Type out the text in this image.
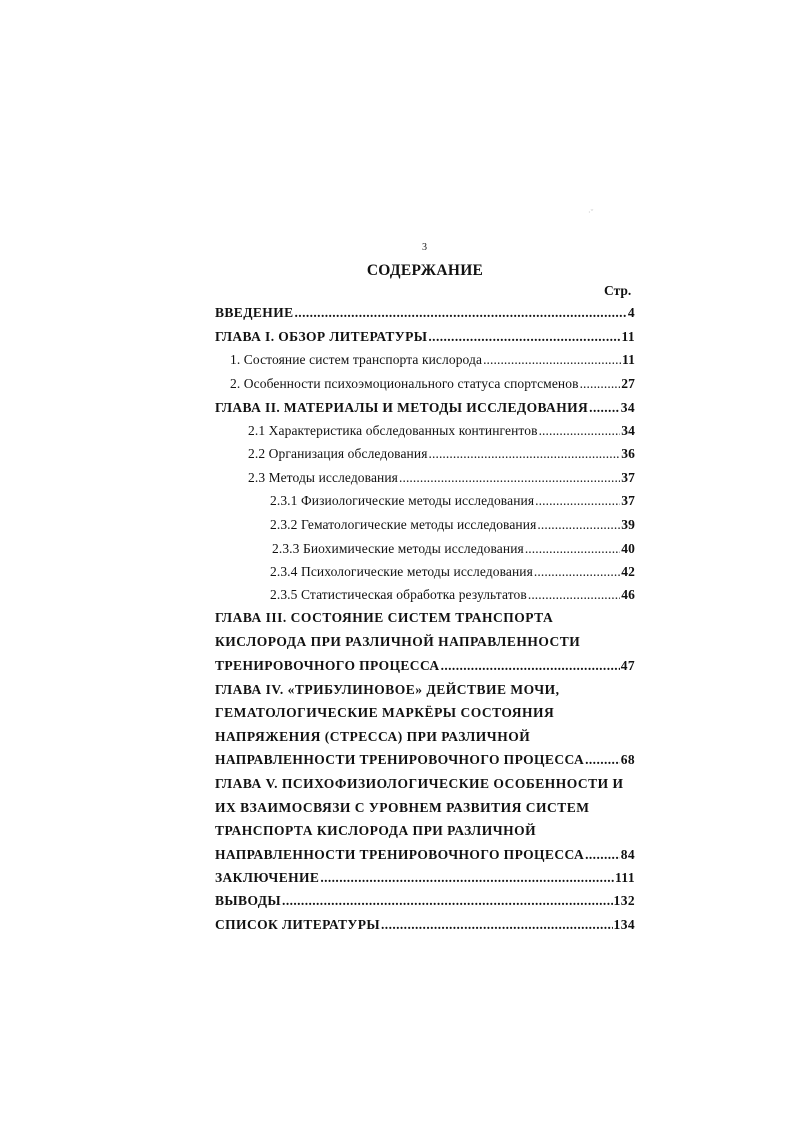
·ˇ
3
СОДЕРЖАНИЕ
Стр.
ВВЕДЕНИЕ .....	4
ГЛАВА I. ОБЗОР ЛИТЕРАТУРЫ .....	11
1. Состояние систем транспорта кислорода .....	11
2. Особенности психоэмоционального статуса спортсменов .....	27
ГЛАВА II. МАТЕРИАЛЫ И МЕТОДЫ ИССЛЕДОВАНИЯ ..... 34
2.1 Характеристика обследованных контингентов .....	34
2.2 Организация обследования .....	36
2.3 Методы исследования .....	37
2.3.1 Физиологические методы исследования .....	37
2.3.2 Гематологические методы исследования .....	39
2.3.3 Биохимические методы исследования .....	40
2.3.4 Психологические методы исследования .....	42
2.3.5 Статистическая обработка результатов .....	46
ГЛАВА III. СОСТОЯНИЕ СИСТЕМ ТРАНСПОРТА
КИСЛОРОДА ПРИ РАЗЛИЧНОЙ НАПРАВЛЕННОСТИ
ТРЕНИРОВОЧНОГО ПРОЦЕССА .....	47
ГЛАВА IV. «ТРИБУЛИНОВОЕ» ДЕЙСТВИЕ МОЧИ,
ГЕМАТОЛОГИЧЕСКИЕ МАРКЁРЫ СОСТОЯНИЯ
НАПРЯЖЕНИЯ (СТРЕССА) ПРИ РАЗЛИЧНОЙ
НАПРАВЛЕННОСТИ ТРЕНИРОВОЧНОГО ПРОЦЕССА .....	68
ГЛАВА V. ПСИХОФИЗИОЛОГИЧЕСКИЕ ОСОБЕННОСТИ И
ИХ ВЗАИМОСВЯЗИ С УРОВНЕМ РАЗВИТИЯ СИСТЕМ
ТРАНСПОРТА КИСЛОРОДА ПРИ РАЗЛИЧНОЙ
НАПРАВЛЕННОСТИ ТРЕНИРОВОЧНОГО ПРОЦЕССА .....	84
ЗАКЛЮЧЕНИЕ .....	111
ВЫВОДЫ .....	132
СПИСОК ЛИТЕРАТУРЫ .....	134
